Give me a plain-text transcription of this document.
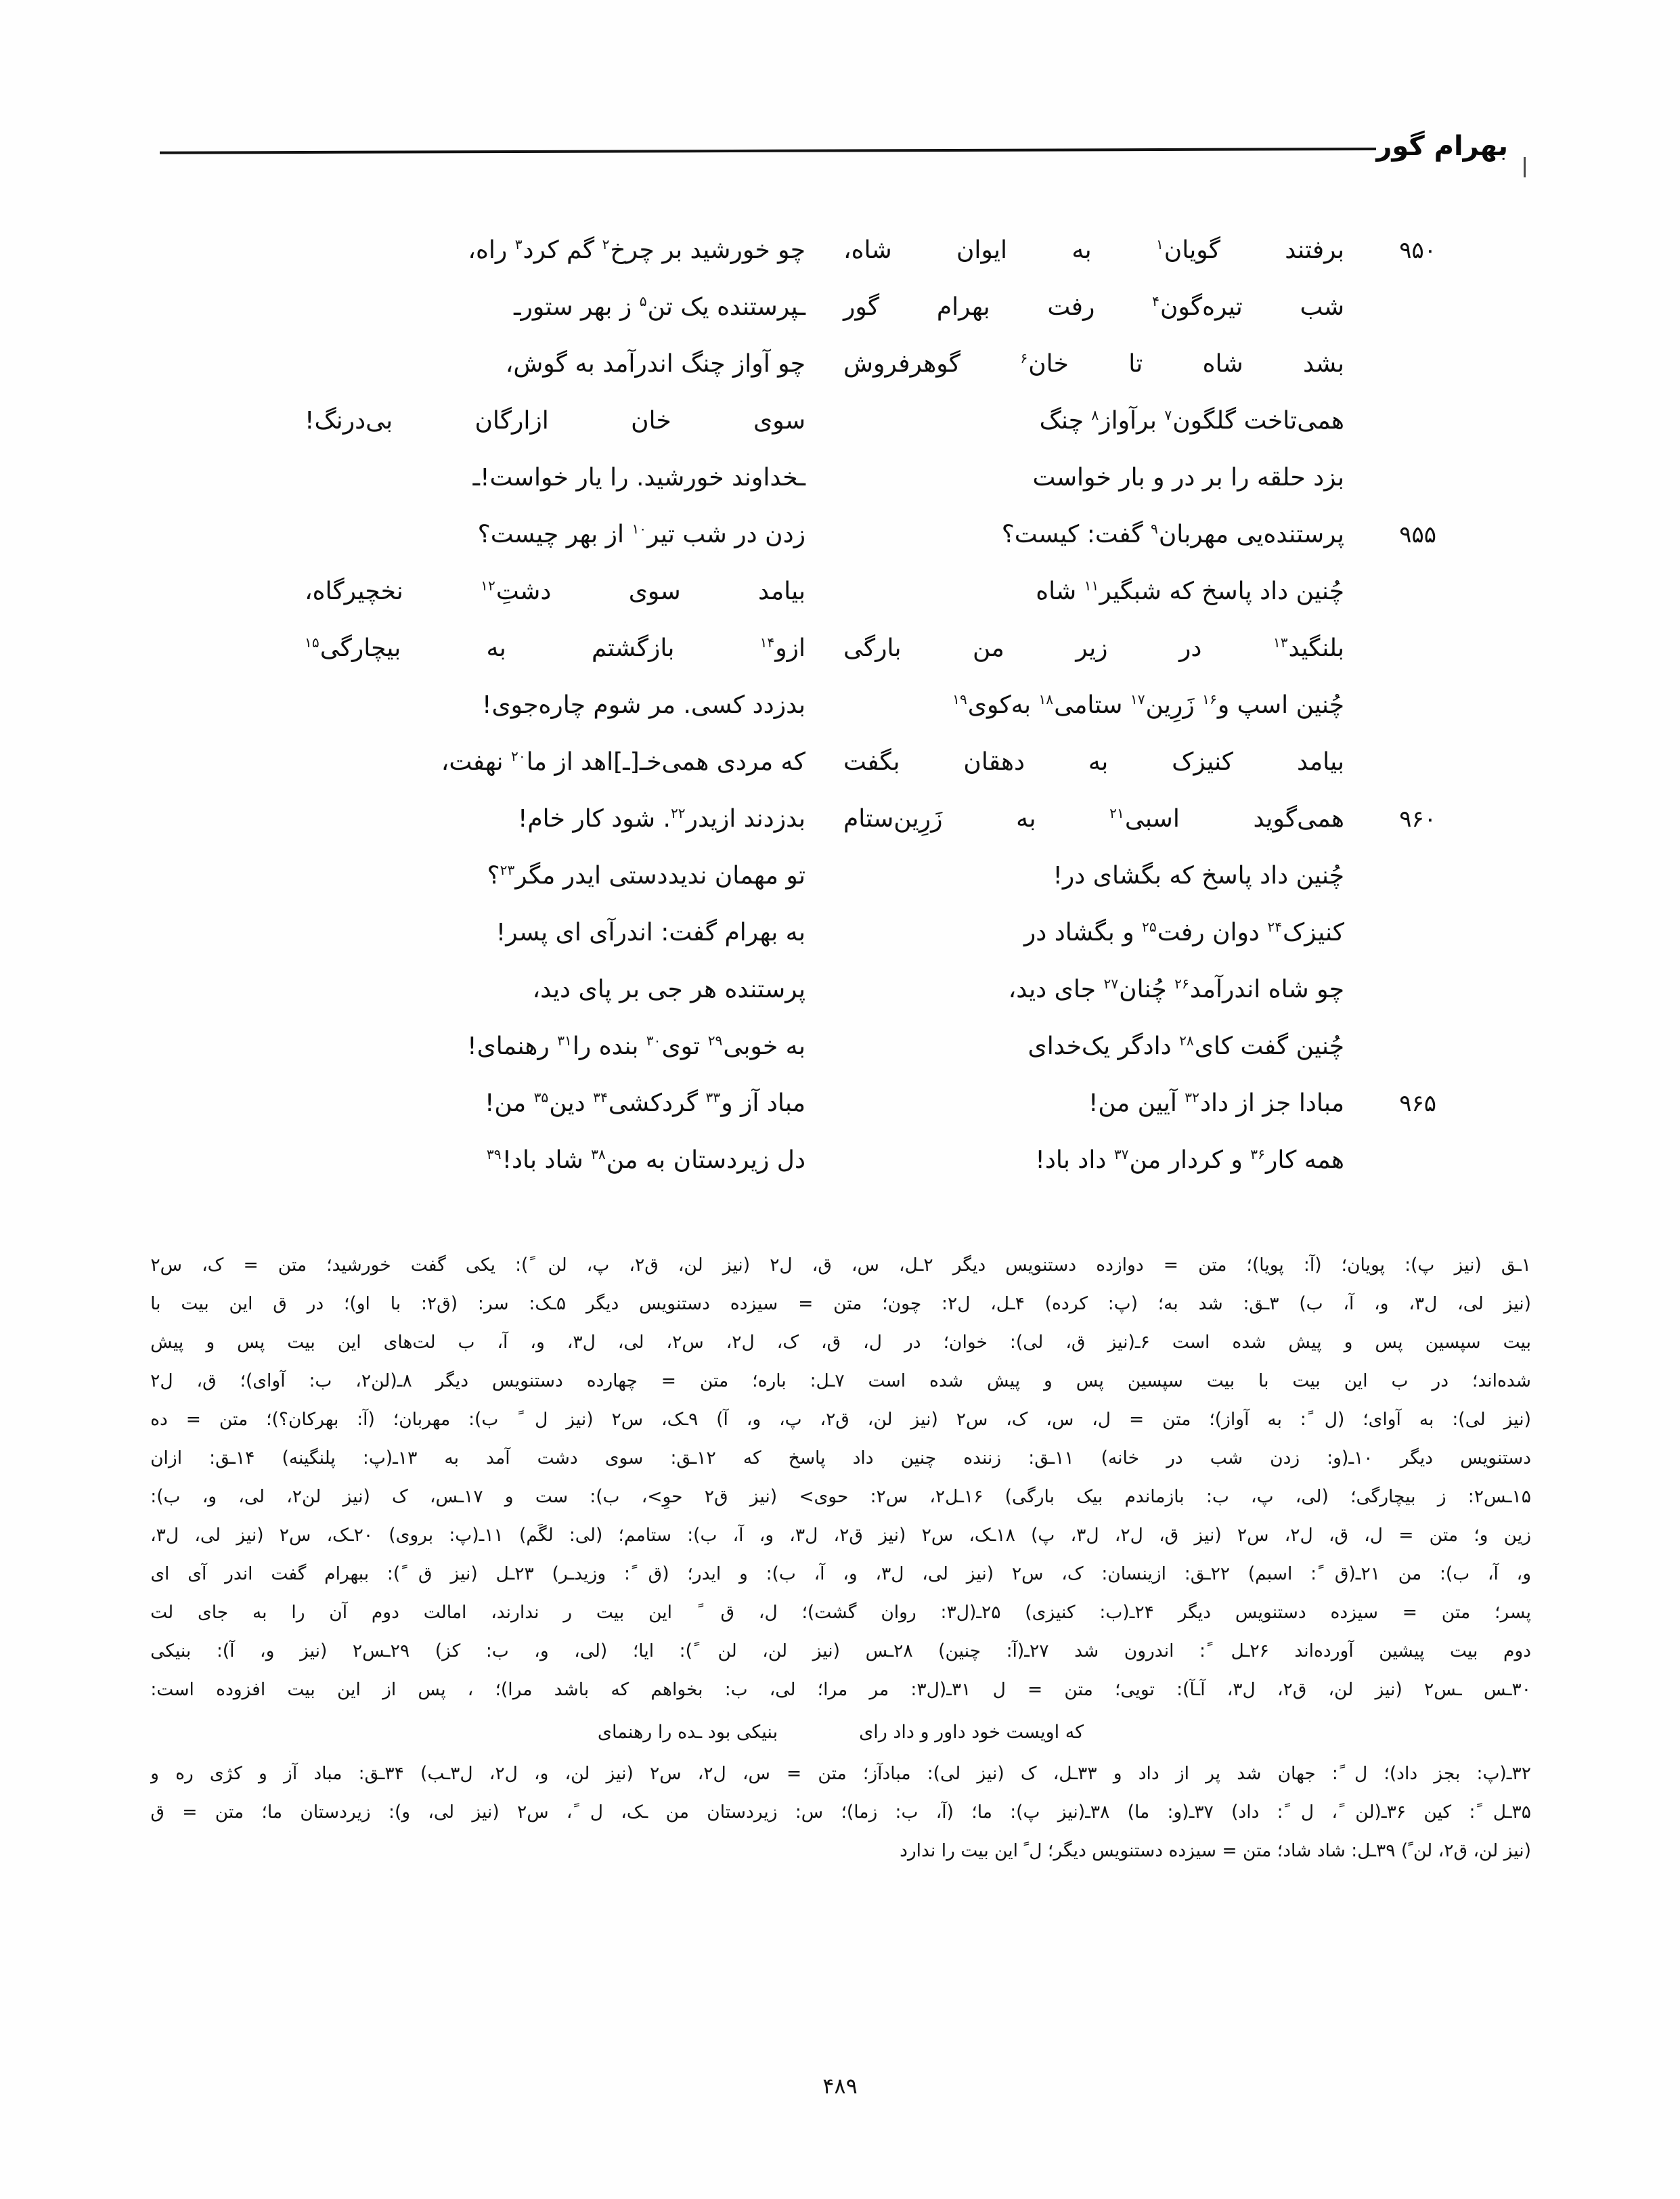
بهرام گور
۹۵۰
برفتند
گویان$^۱$
به
ایوان
شاه،
چو خورشید بر چرخ$^۲$ گم کرد$^۳$ راه،
شب
تیره‌گون$^۴$
رفت
بهرام
گور
ـپرستنده یک تن$^۵$ ز بهر ستورـ
بشد
شاه
تا
خان$^۶$
گوهرفروش
چو آواز چنگ اندرآمد به گوش،
همی‌تاخت گلگون$^۷$ برآواز$^۸$ چنگ
سوی
خان
ازارگان
بی‌درنگ!
بزد حلقه را بر در و بار خواست
ـخداوند خورشید. را یار خواست!ـ
۹۵۵
پرستنده‌یی مهربان$^۹$ گفت: کیست؟
زدن در شب تیر$^{۱۰}$ از بهر چیست؟
چُنین داد پاسخ که شبگیر$^{۱۱}$ شاه
بیامد
سوی
دشتِ$^{۱۲}$
نخچیرگاه،
بلنگید$^{۱۳}$
در
زیر
من
بارگی
ازو$^{۱۴}$
بازگشتم
به
بیچارگی$^{۱۵}$
چُنین اسپ و$^{۱۶}$ زَرِین$^{۱۷}$ ستامی$^{۱۸}$ به‌کوی$^{۱۹}$
بدزدد کسی. مر شوم چاره‌جوی!
بیامد
کنیزک
به
دهقان
بگفت
که مردی همی‌خـ[ـ]اهد از ما$^{۲۰}$ نهفت،
۹۶۰
همی‌گوید
اسبی$^{۲۱}$
به
زَرِین‌ستام
بدزدند ازیدر$^{۲۲}$. شود کار خام!
چُنین داد پاسخ که بگشای در!
تو مهمان ندیددستی ایدر مگر$^{۲۳}$؟
کنیزک$^{۲۴}$ دوان رفت$^{۲۵}$ و بگشاد در
به بهرام گفت: اندرآی ای پسر!
چو شاه اندرآمد$^{۲۶}$ چُنان$^{۲۷}$ جای دید،
پرستنده هر جی بر پای دید،
چُنین گفت کای$^{۲۸}$ دادگر یک‌خدای
به خوبی$^{۲۹}$ توی$^{۳۰}$ بنده را$^{۳۱}$ رهنمای!
۹۶۵
مبادا جز از داد$^{۳۲}$ آیین من!
مباد آز و$^{۳۳}$ گردکشی$^{۳۴}$ دین$^{۳۵}$ من!
همه کار$^{۳۶}$ و کردار من$^{۳۷}$ داد باد!
دل زیردستان به من$^{۳۸}$ شاد باد!$^{۳۹}$
۱ـق
(نیز
پ):
پویان؛
(آ:
پویا)؛
متن
=
دوازده
دستنویس
دیگر
۲ـل،
س،
ق،
ل۲
(نیز
لن،
ق۲،
پ،
لن
ً):
یکی
گفت
خورشید؛
متن
=
ک،
س۲
(نیز
لی،
ل۳،
و،
آ،
ب)
۳ـق:
شد
به؛
(پ:
کرده)
۴ـل،
ل۲:
چون؛
متن
=
سیزده
دستنویس
دیگر
۵ـک:
سر:
(ق۲:
با
او)؛
در
ق
این
بیت
با
بیت
سپسین
پس
و
پیش
شده
است
۶ـ(نیز
ق،
لی):
خوان؛
در
ل،
ق،
ک،
ل۲،
س۲،
لی،
ل۳،
و،
آ،
ب
لت‌های
این
بیت
پس
و
پیش
شده‌اند؛
در
ب
این
بیت
با
بیت
سپسین
پس
و
پیش
شده
است
۷ـل:
باره؛
متن
=
چهارده
دستنویس
دیگر
۸ـ(لن۲،
ب:
آوای)؛
ق،
ل۲
(نیز
لی):
به
آوای؛
(ل
ً:
به
آواز)؛
متن
=
ل،
س،
ک،
س۲
(نیز
لن،
ق۲،
پ،
و،
آ)
۹ـک،
س۲
(نیز
ل
ب):
مهربان؛
(آ:
بهرکان؟)؛
متن
=
ده
دستنویس
دیگر
۱۰ـ(و:
زدن
شب
در
خانه)
۱۱ـق:
زننده
چنین
داد
پاسخ
که
۱۲ـق:
سوی
دشت
آمد
به
۱۳ـ(پ:
پلنگینه)
۱۴ـق:
ازان
۱۵ـس۲:
ز
بیچارگی؛
(لی،
پ،
ب:
بازماندم
بیک
بارگی)
۱۶ـل۲،
س۲:
حوی>
(نیز
ق۲
حوِ>،
ب):
ست
و
۱۷ـس،
ک
(نیز
لن۲،
لی،
و،
ب):
زین
و؛
متن
=
ل،
ق،
ل۲،
س۲
(نیز
ق،
ل۲،
ل۳،
پ)
۱۸ـک،
س۲
(نیز
ق۲،
ل۳،
و،
آ،
ب):
ستامم؛
(لی:
لگَم)
۱۱ـ(پ:
بروی)
۲۰ـک،
س۲
(نیز
لی،
ل۳،
و،
آ،
ب):
من
۲۱ـ(ق
ً:
اسبم)
۲۲ـق:
ازینسان:
ک،
س۲
(نیز
لی،
ل۳،
و،
آ،
ب):
و
ایدر؛
(ق
ً:
وزیدـر)
۲۳ـل
(نیز
ق
ً):
ببهرام
گفت
اندر
آی
ای
پسر؛
متن
=
سیزده
دستنویس
دیگر
۲۴ـ(ب:
کنیزی)
۲۵ـ(ل۳:
روان
گشت)؛
ل،
ق
این
بیت
ر
ندارند،
امالت
دوم
آن
را
به
جای
لت
دوم
بیت
پیشین
آورده‌اند
۲۶ـل
ً:
اندرون
شد
۲۷ـ(آ:
چنین)
۲۸ـس
(نیز
لن،
لن
ً):
ایا؛
(لی،
و،
ب:
کز)
۲۹ـس۲
(نیز
و،
آ):
بنیکی
۳۰ـس
ـس۲
(نیز
لن،
ق۲،
ل۳،
آـآ):
تویی؛
متن
=
ل
۳۱ـ(ل۳:
مر
مرا؛
لی،
ب:
بخواهم
که
باشد
مرا)؛
،
پس
از
این
بیت
افزوده
است:
که اویست خود داور و داد رای
بنیکی بود ـده را رهنمای
۳۲ـ(پ:
بجز
داد)؛
ل
ً:
جهان
شد
پر
از
داد
و
۳۳ـل،
ک
(نیز
لی):
مبادآز؛
متن
=
س،
ل۲،
س۲
(نیز
لن،
و،
ل۲،
ل۳ـب)
۳۴ـق:
مباد
آز
و
کژی
ره
و
۳۵ـل
ً:
کین
۳۶ـ(لن
ً،
ل
ً:
داد)
۳۷ـ(و:
ما)
۳۸ـ(نیز
پ):
ما؛
(آ،
ب:
زما)؛
س:
زیردستان
من
ـک،
ل
ً،
س۲
(نیز
لی،
و):
زیردستان
ما؛
متن
=
ق
(نیز لن، ق۲، لن ً) ۳۹ـل: شاد شاد؛ متن = سیزده دستنویس دیگر؛ ل ً این بیت را ندارد
۴۸۹
